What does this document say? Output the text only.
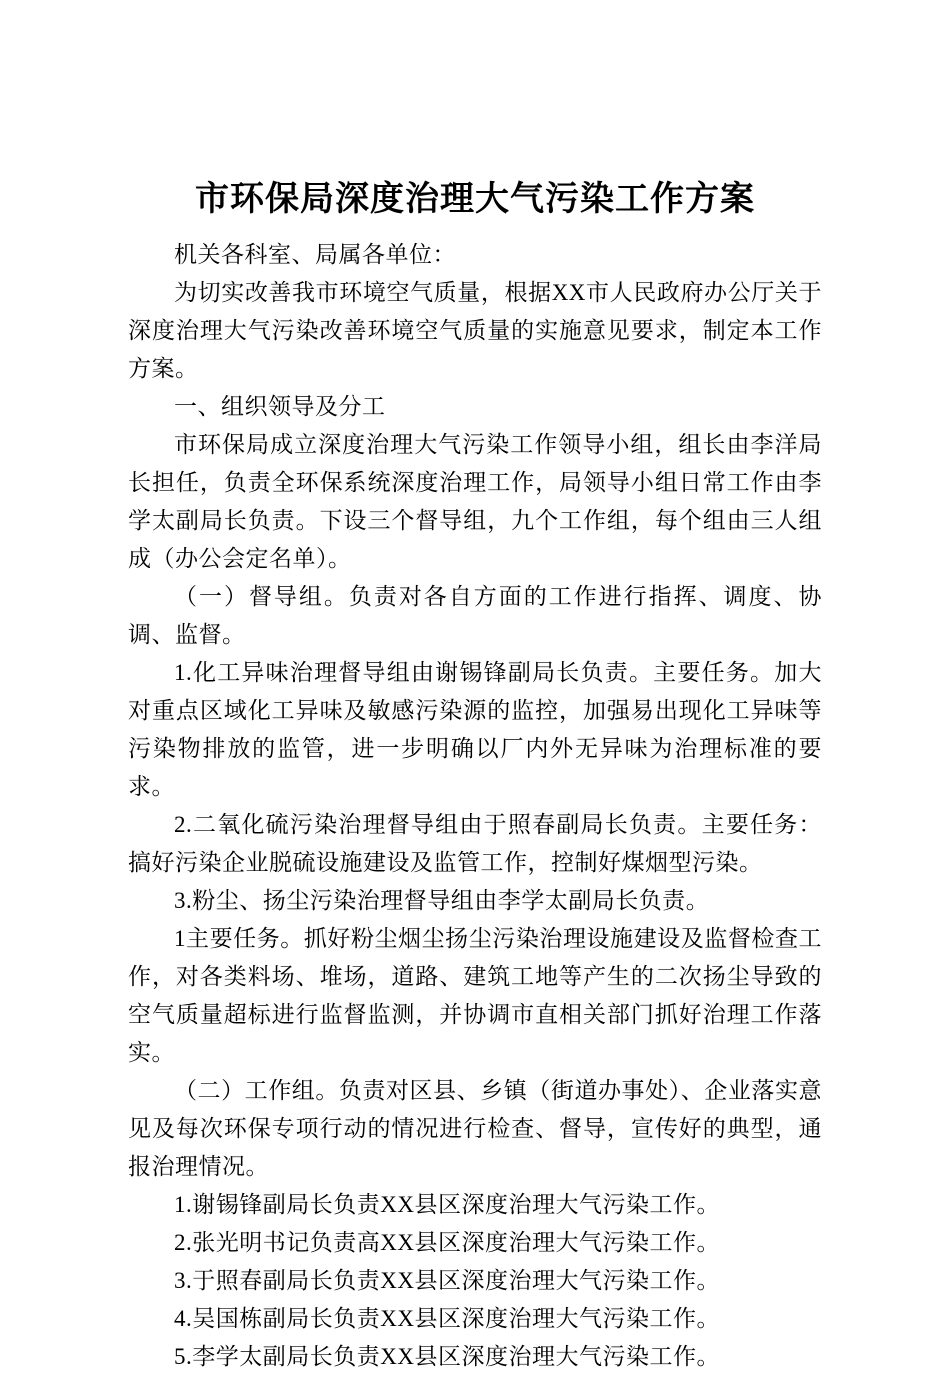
市环保局深度治理大气污染工作方案

机关各科室、局属各单位：

为切实改善我市环境空气质量，根据XX市人民政府办公厅关于深度治理大气污染改善环境空气质量的实施意见要求，制定本工作方案。

一、组织领导及分工

市环保局成立深度治理大气污染工作领导小组，组长由李洋局长担任，负责全环保系统深度治理工作，局领导小组日常工作由李学太副局长负责。下设三个督导组，九个工作组，每个组由三人组成（办公会定名单）。

（一）督导组。负责对各自方面的工作进行指挥、调度、协调、监督。

1.化工异味治理督导组由谢锡锋副局长负责。主要任务。加大对重点区域化工异味及敏感污染源的监控，加强易出现化工异味等污染物排放的监管，进一步明确以厂内外无异味为治理标准的要求。

2.二氧化硫污染治理督导组由于照春副局长负责。主要任务：搞好污染企业脱硫设施建设及监管工作，控制好煤烟型污染。

3.粉尘、扬尘污染治理督导组由李学太副局长负责。

1主要任务。抓好粉尘烟尘扬尘污染治理设施建设及监督检查工作，对各类料场、堆场，道路、建筑工地等产生的二次扬尘导致的空气质量超标进行监督监测，并协调市直相关部门抓好治理工作落实。

（二）工作组。负责对区县、乡镇（街道办事处）、企业落实意见及每次环保专项行动的情况进行检查、督导，宣传好的典型，通报治理情况。

1.谢锡锋副局长负责XX县区深度治理大气污染工作。

2.张光明书记负责高XX县区深度治理大气污染工作。

3.于照春副局长负责XX县区深度治理大气污染工作。

4.吴国栋副局长负责XX县区深度治理大气污染工作。

5.李学太副局长负责XX县区深度治理大气污染工作。
